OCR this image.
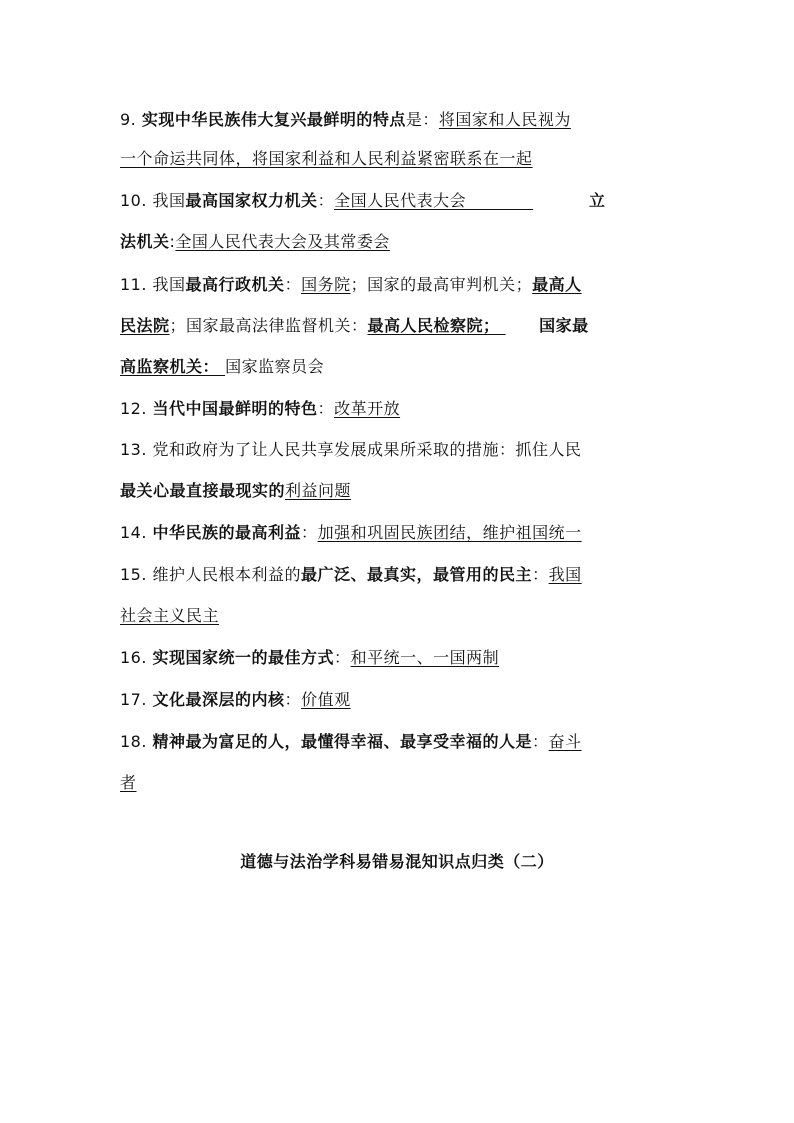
9. 实现中华民族伟大复兴最鲜明的特点是：将国家和人民视为
一个命运共同体，将国家利益和人民利益紧密联系在一起
10. 我国最高国家权力机关：全国人民代表大会	立
法机关:全国人民代表大会及其常委会
11. 我国最高行政机关：国务院；国家的最高审判机关；最高人
民法院；国家最高法律监督机关：最高人民检察院；       国家最
高监察机关： 国家监察员会
12. 当代中国最鲜明的特色：改革开放
13. 党和政府为了让人民共享发展成果所采取的措施：抓住人民
最关心最直接最现实的利益问题
14. 中华民族的最高利益：加强和巩固民族团结，维护祖国统一
15. 维护人民根本利益的最广泛、最真实，最管用的民主：我国
社会主义民主
16. 实现国家统一的最佳方式：和平统一、一国两制
17. 文化最深层的内核：价值观
18. 精神最为富足的人，最懂得幸福、最享受幸福的人是：奋斗
者
道德与法治学科易错易混知识点归类（二）
